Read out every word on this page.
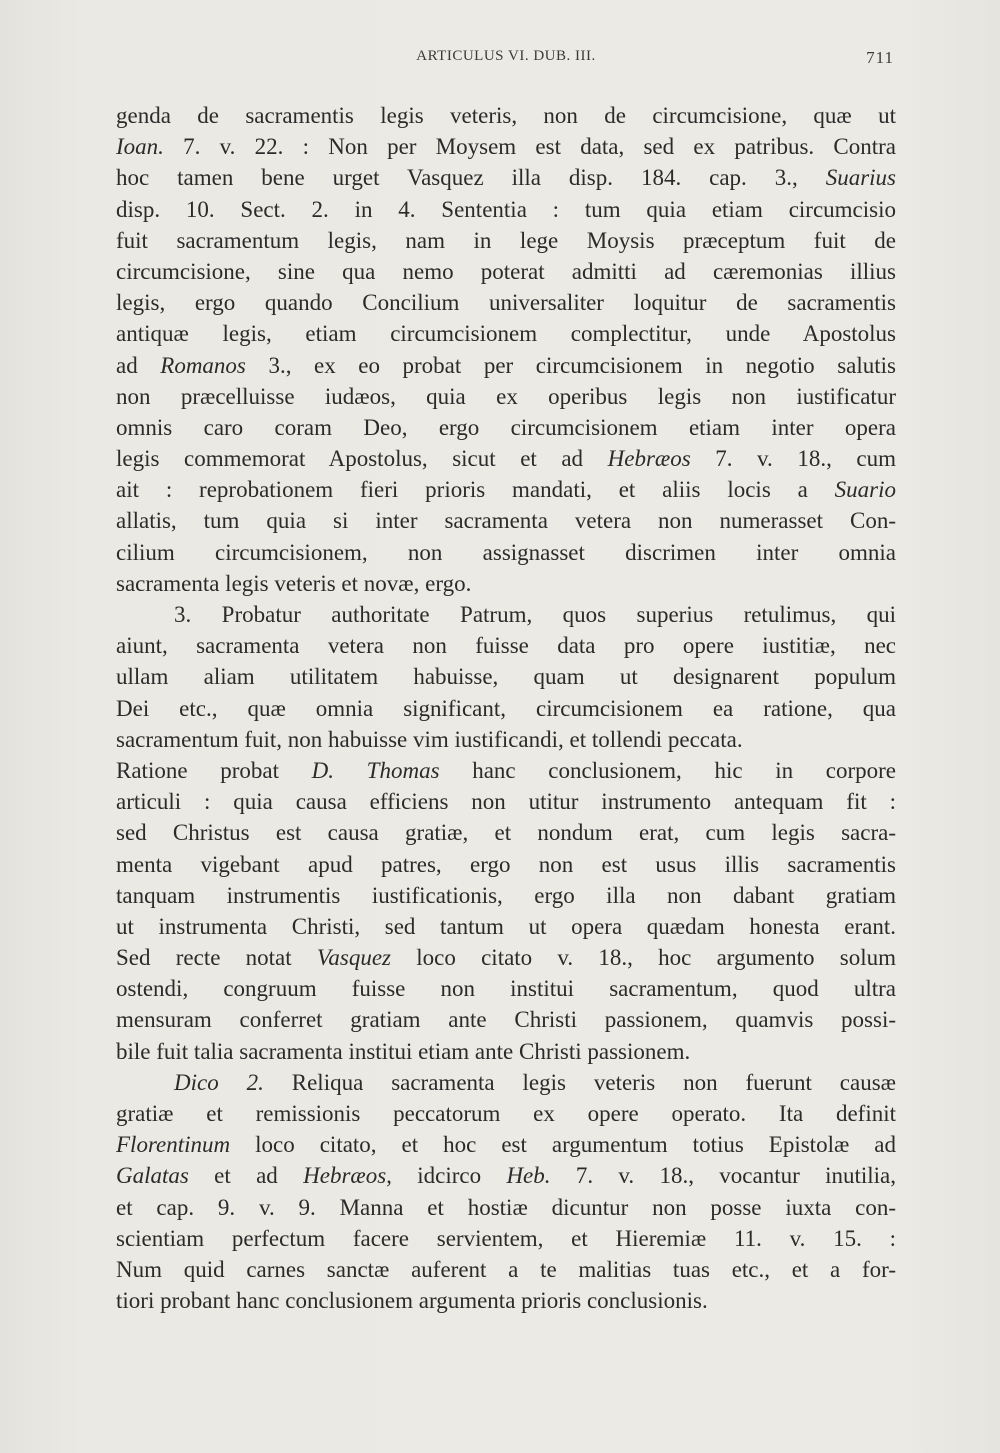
ARTICULUS VI. DUB. III.	711
genda de sacramentis legis veteris, non de circumcisione, quæ ut
Ioan. 7. v. 22. : Non per Moysem est data, sed ex patribus. Contra
hoc tamen bene urget Vasquez illa disp. 184. cap. 3., Suarius
disp. 10. Sect. 2. in 4. Sententia : tum quia etiam circumcisio
fuit sacramentum legis, nam in lege Moysis præceptum fuit de
circumcisione, sine qua nemo poterat admitti ad cæremonias illius
legis, ergo quando Concilium universaliter loquitur de sacramentis
antiquæ legis, etiam circumcisionem complectitur, unde Apostolus
ad Romanos 3., ex eo probat per circumcisionem in negotio salutis
non præcelluisse iudæos, quia ex operibus legis non iustificatur
omnis caro coram Deo, ergo circumcisionem etiam inter opera
legis commemorat Apostolus, sicut et ad Hebræos 7. v. 18., cum
ait : reprobationem fieri prioris mandati, et aliis locis a Suario
allatis, tum quia si inter sacramenta vetera non numerasset Con-
cilium circumcisionem, non assignasset discrimen inter omnia
sacramenta legis veteris et novæ, ergo.
3. Probatur authoritate Patrum, quos superius retulimus, qui
aiunt, sacramenta vetera non fuisse data pro opere iustitiæ, nec
ullam aliam utilitatem habuisse, quam ut designarent populum
Dei etc., quæ omnia significant, circumcisionem ea ratione, qua
sacramentum fuit, non habuisse vim iustificandi, et tollendi peccata.
Ratione probat D. Thomas hanc conclusionem, hic in corpore
articuli : quia causa efficiens non utitur instrumento antequam fit :
sed Christus est causa gratiæ, et nondum erat, cum legis sacra-
menta vigebant apud patres, ergo non est usus illis sacramentis
tanquam instrumentis iustificationis, ergo illa non dabant gratiam
ut instrumenta Christi, sed tantum ut opera quædam honesta erant.
Sed recte notat Vasquez loco citato v. 18., hoc argumento solum
ostendi, congruum fuisse non institui sacramentum, quod ultra
mensuram conferret gratiam ante Christi passionem, quamvis possi-
bile fuit talia sacramenta institui etiam ante Christi passionem.
Dico 2. Reliqua sacramenta legis veteris non fuerunt causæ
gratiæ et remissionis peccatorum ex opere operato. Ita definit
Florentinum loco citato, et hoc est argumentum totius Epistolæ ad
Galatas et ad Hebræos, idcirco Heb. 7. v. 18., vocantur inutilia,
et cap. 9. v. 9. Manna et hostiæ dicuntur non posse iuxta con-
scientiam perfectum facere servientem, et Hieremiæ 11. v. 15. :
Num quid carnes sanctæ auferent a te malitias tuas etc., et a for-
tiori probant hanc conclusionem argumenta prioris conclusionis.
